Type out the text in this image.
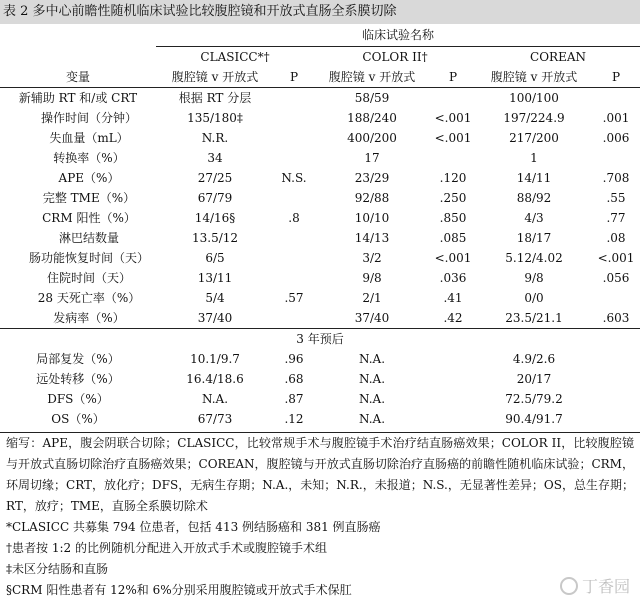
表 2 多中心前瞻性随机临床试验比较腹腔镜和开放式直肠全系膜切除
	临床试验名称					
	CLASICC*†		COLOR II†		COREAN	
变量	腹腔镜 v 开放式	P	腹腔镜 v 开放式	P	腹腔镜 v 开放式	P
新辅助 RT 和/或 CRT	根据 RT 分层		58/59		100/100	
操作时间（分钟）	135/180‡		188/240	<.001	197/224.9	.001
失血量（mL）	N.R.		400/200	<.001	217/200	.006
转换率（%）	34		17		1	
APE（%）	27/25	N.S.	23/29	.120	14/11	.708
完整 TME（%）	67/79		92/88	.250	88/92	.55
CRM 阳性（%）	14/16§	.8	10/10	.850	4/3	.77
淋巴结数量	13.5/12		14/13	.085	18/17	.08
肠功能恢复时间（天）	6/5		3/2	<.001	5.12/4.02	<.001
住院时间（天）	13/11		9/8	.036	9/8	.056
28 天死亡率（%）	5/4	.57	2/1	.41	0/0	
发病率（%）	37/40		37/40	.42	23.5/21.1	.603
3 年预后						
局部复发（%）	10.1/9.7	.96	N.A.		4.9/2.6	
远处转移（%）	16.4/18.6	.68	N.A.		20/17	
DFS（%）	N.A.	.87	N.A.		72.5/79.2	
OS（%）	67/73	.12	N.A.		90.4/91.7	
缩写：APE，腹会阴联合切除；CLASICC，比较常规手术与腹腔镜手术治疗结直肠癌效果；COLOR II，比较腹腔镜与开放式直肠切除治疗直肠癌效果；COREAN，腹腔镜与开放式直肠切除治疗直肠癌的前瞻性随机临床试验；CRM，环周切缘；CRT，放化疗；DFS，无病生存期；N.A.，未知；N.R.，未报道；N.S.，无显著性差异；OS，总生存期；RT，放疗；TME，直肠全系膜切除术
*CLASICC 共募集 794 位患者，包括 413 例结肠癌和 381 例直肠癌
†患者按 1:2 的比例随机分配进入开放式手术或腹腔镜手术组
‡未区分结肠和直肠
§CRM 阳性患者有 12%和 6%分别采用腹腔镜或开放式手术保肛	丁香园
